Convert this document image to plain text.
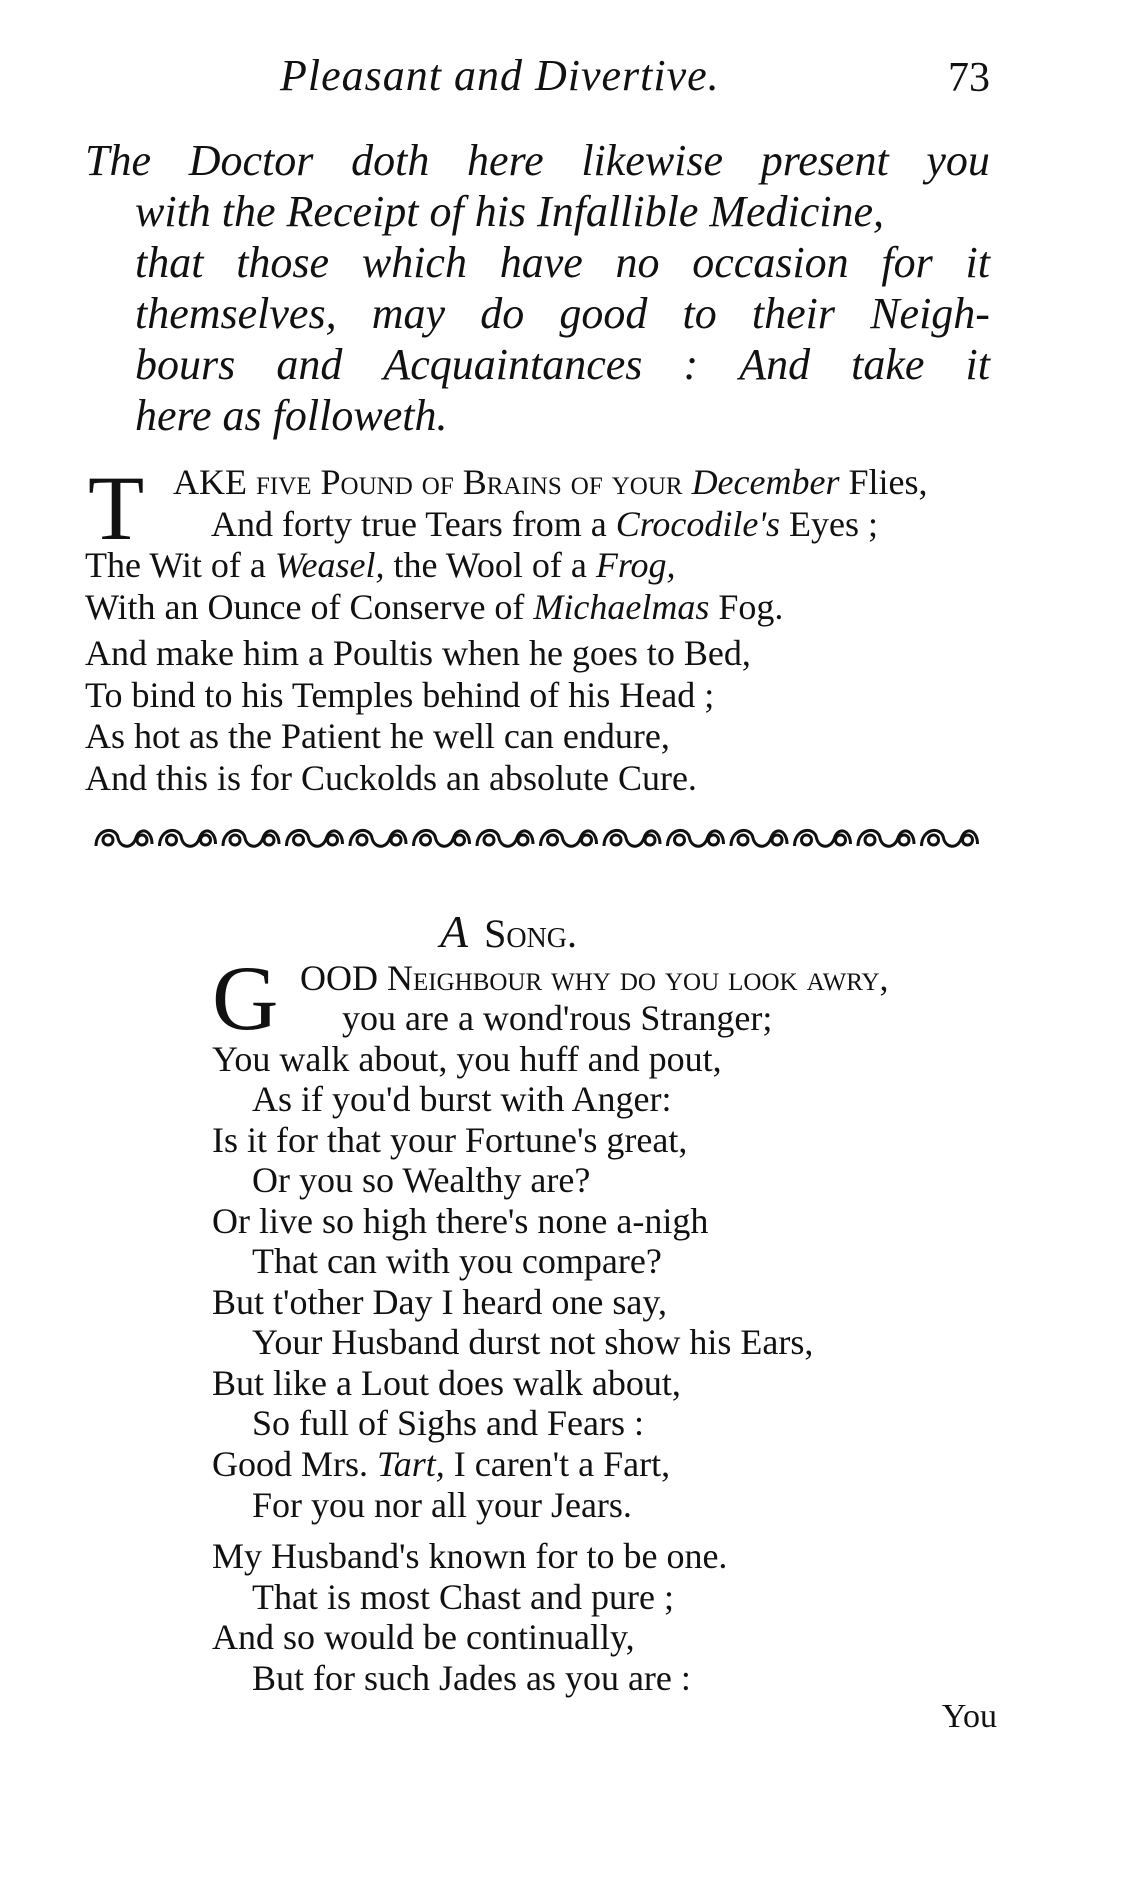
Pleasant and Divertive.	73
The Doctor doth here likewise present you
with the Receipt of his Infallible Medicine,
that those which have no occasion for it
themselves, may do good to their Neigh-
bours and Acquaintances : And take it
here as followeth.
T AKE five Pound of Brains of your December Flies,
And forty true Tears from a Crocodile's Eyes ;
The Wit of a Weasel, the Wool of a Frog,
With an Ounce of Conserve of Michaelmas Fog.
And make him a Poultis when he goes to Bed,
To bind to his Temples behind of his Head ;
As hot as the Patient he well can endure,
And this is for Cuckolds an absolute Cure.
A Song.
G OOD Neighbour why do you look awry,
you are a wond'rous Stranger;
You walk about, you huff and pout,
As if you'd burst with Anger:
Is it for that your Fortune's great,
Or you so Wealthy are?
Or live so high there's none a-nigh
That can with you compare?
But t'other Day I heard one say,
Your Husband durst not show his Ears,
But like a Lout does walk about,
So full of Sighs and Fears :
Good Mrs. Tart, I caren't a Fart,
For you nor all your Jears.
My Husband's known for to be one.
That is most Chast and pure ;
And so would be continually,
But for such Jades as you are :
You
